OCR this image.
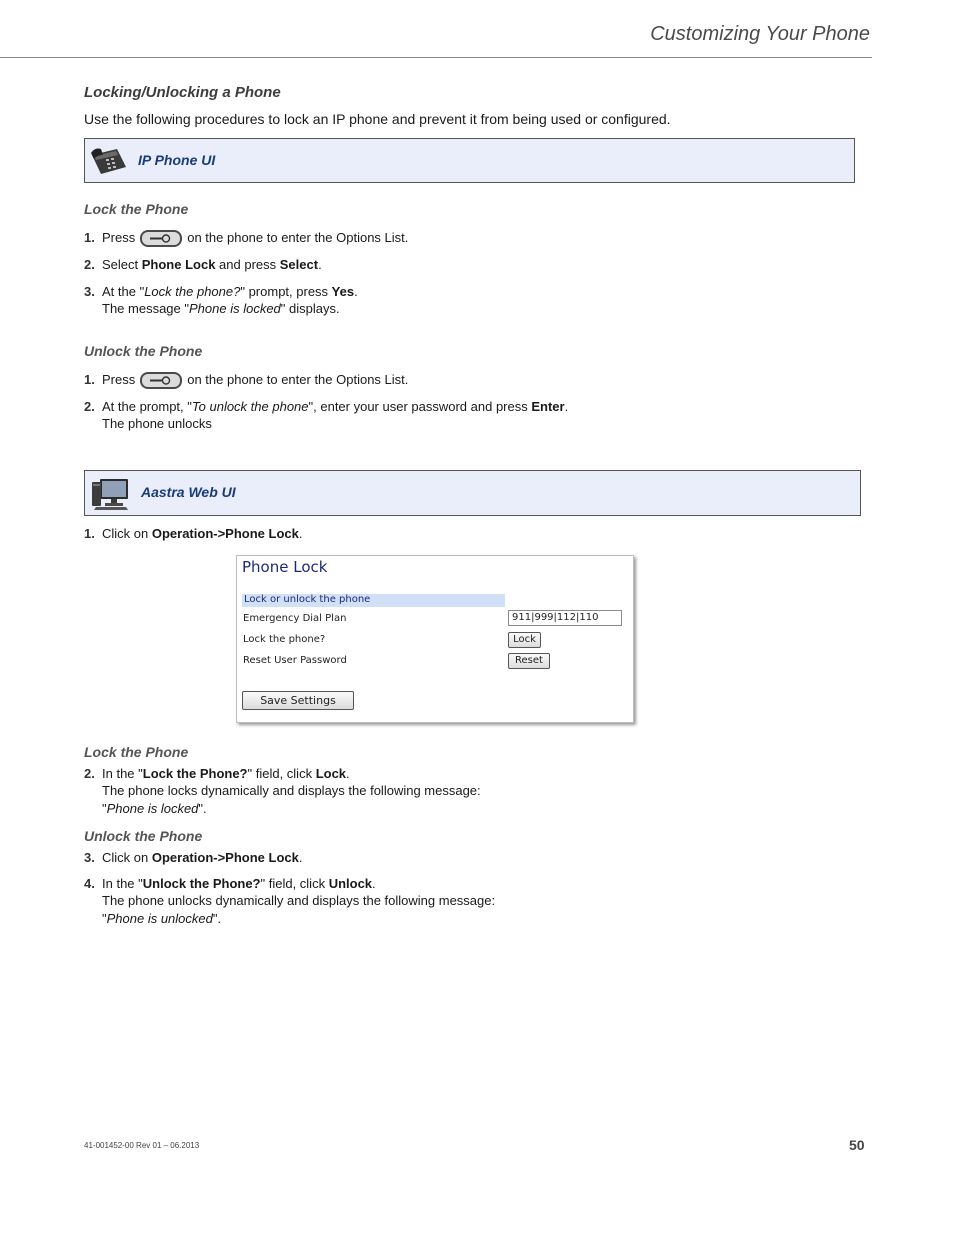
Customizing Your Phone
Locking/Unlocking a Phone
Use the following procedures to lock an IP phone and prevent it from being used or configured.
IP Phone UI
Lock the Phone
1. Press	on the phone to enter the Options List.
2. Select Phone Lock and press Select.
3. At the "Lock the phone?" prompt, press Yes.
The message "Phone is locked" displays.
Unlock the Phone
1. Press	on the phone to enter the Options List.
2. At the prompt, "To unlock the phone", enter your user password and press Enter.
The phone unlocks
Aastra Web UI
1. Click on Operation->Phone Lock.
Phone Lock
Lock or unlock the phone
Emergency Dial Plan	911|999|112|110
Lock the phone?	Lock
Reset User Password	Reset
Save Settings
Lock the Phone
2. In the "Lock the Phone?" field, click Lock.
The phone locks dynamically and displays the following message:
"Phone is locked".
Unlock the Phone
3. Click on Operation->Phone Lock.
4. In the "Unlock the Phone?" field, click Unlock.
The phone unlocks dynamically and displays the following message:
"Phone is unlocked".
41-001452-00 Rev 01 – 06.2013	50
